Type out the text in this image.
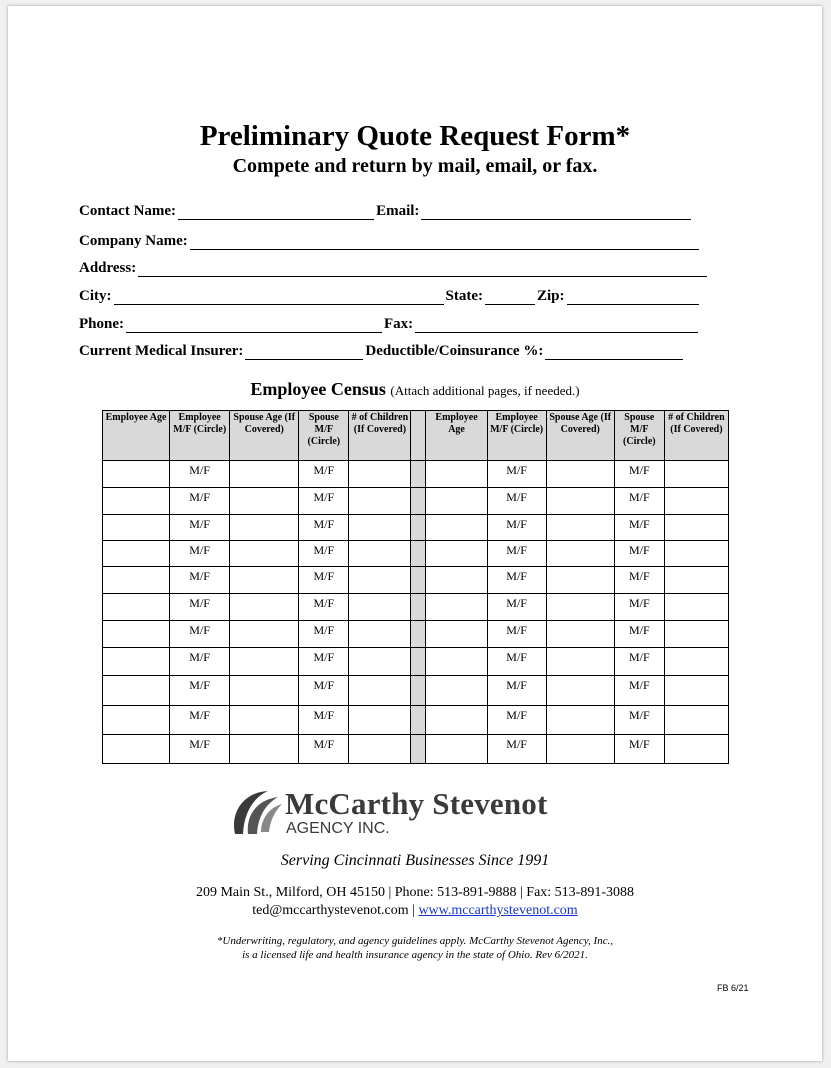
Preliminary Quote Request Form*
Compete and return by mail, email, or fax.
Contact Name:	Email:
Company Name:
Address:
City:	State:	Zip:
Phone:	Fax:
Current Medical Insurer:	Deductible/Coinsurance %:
Employee Census (Attach additional pages, if needed.)
Employee Age	Employee M/F (Circle)	Spouse Age (If Covered)	Spouse M/F (Circle)	# of Children (If Covered)		Employee Age	Employee M/F (Circle)	Spouse Age (If Covered)	Spouse M/F (Circle)	# of Children (If Covered)
	M/F		M/F				M/F		M/F	
	M/F		M/F				M/F		M/F	
	M/F		M/F				M/F		M/F	
	M/F		M/F				M/F		M/F	
	M/F		M/F				M/F		M/F	
	M/F		M/F				M/F		M/F	
	M/F		M/F				M/F		M/F	
	M/F		M/F				M/F		M/F	
	M/F		M/F				M/F		M/F	
	M/F		M/F				M/F		M/F	
	M/F		M/F				M/F		M/F	
McCarthy Stevenot
AGENCY INC.
Serving Cincinnati Businesses Since 1991
209 Main St., Milford, OH 45150 | Phone: 513-891-9888 | Fax: 513-891-3088
ted@mccarthystevenot.com | www.mccarthystevenot.com
*Underwriting, regulatory, and agency guidelines apply. McCarthy Stevenot Agency, Inc.,
is a licensed life and health insurance agency in the state of Ohio. Rev 6/2021.
FB 6/21
